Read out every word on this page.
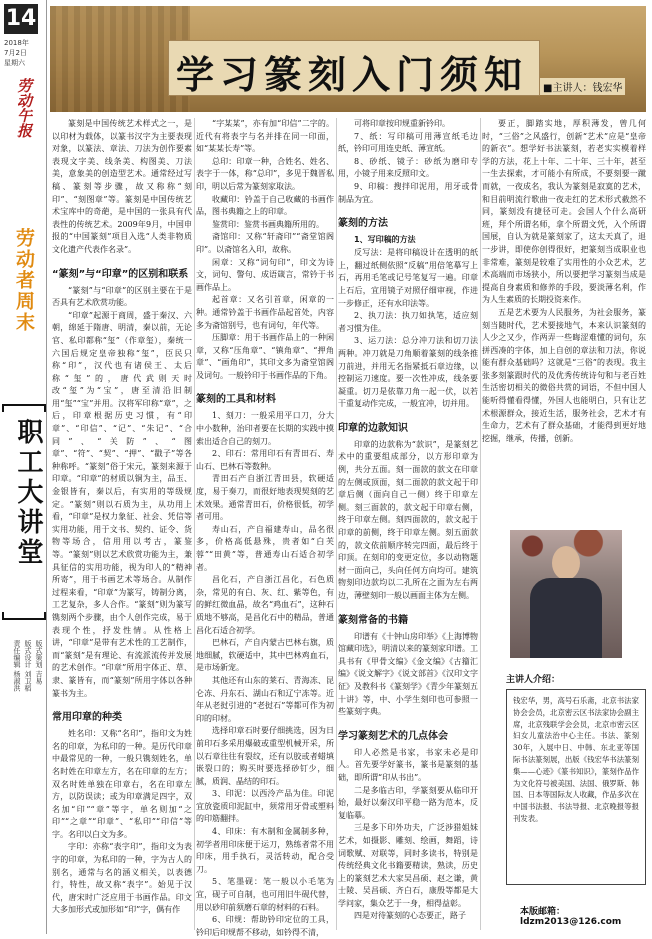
14
2018年
7月2日
星期六
劳动午报
劳动者周末
职工大讲堂
版式策划 吉易
版式设计 刘卫稻
责任编辑 杨淑洪
学习篆刻入门须知	■主讲人：钱宏华

篆刻是中国传统艺术样式之一，是以印材为载体，以篆书汉字为主要表现对象，以篆法、章法、刀法为创作要素表现文字美、线条美、构图美、刀法美，意象美的创造型艺术。通常经过写稿、篆刻等步骤，故又称称“刻印”、“刻图章”等。篆刻是中国传统艺术宝库中的奇葩，是中国的一张具有代表性的传统艺术。2009年9月，中国申报的“中国篆刻”项目入选“人类非物质文化遗产代表作名录”。

“篆刻”与“印章”的区别和联系

“篆刻”与“印章”的区别主要在于是否具有艺术欣赏功能。

“印章”起源于商周，盛于秦汉、六朝，绵延于隋唐、明清，秦以前，无论官、私印都称“玺”（作章玺），秦统一六国后规定皇帝独称“玺”，臣民只称“印”，汉代也有诸侯王、太后称“玺”的，唐代武则天时改“玺”为“宝”，唐至清沿旧制用“玺”“宝”并用。汉将军印称“章”，之后，印章根据历史习惯，有“印章”、“印信”、“记”、“朱记”、“合同”、“关防”、“图章”、“符”、“契”、“押”、“戳子”等各种称呼。“篆刻”俗于宋元，篆刻来源于印章。“印章”的材质以铜为主，品玉、金银皆有，秦以后，有实用的等级规定。“篆刻”则以石质为主，从功用上看，“印章”是权力象征、社会、凭信等实用功能，用于文书、契约、证令、货物等场合，信用用以考古，篆鉴等。“篆刻”则以艺术欣赏功能为主，兼具征信的实用功能，视为印人的“精神所寄”，用于书画艺术等场合。从制作过程来看，“印章”为篆写，铸制分离，工艺复杂，多人合作。“篆刻”则为篆写镌刻两个步骤，由个人创作完成，易于表现个性，抒发性情。从性格上讲，“印章”是带有艺术性的工艺制作，而“篆刻”是有理论、有流派流传并发展的艺术创作。“印章”所用字体正、草、隶、篆皆有，而“篆刻”所用字体以各种篆书为主。

常用印章的种类

姓名印：又称“名印”，指印文为姓名的印章，为私印的一种。是历代印章中最常见的一种，一般只镌刻姓名，单名时姓在印章左方，名在印章的左方；双名时姓单独在印章右，名在印章左方，以防误读；或为印章满足四字，双名加“印”“章”等字，单名则加“之印”“之章”“印章”、“私印”“印信”等字。名印以白文为多。

字印：亦称“表字印”，指印文为表字的印章，为私印的一种，字为古人的别名，通常与名的涵义相关，以表德行，特性，故又称“表字”。始见于汉代，唐宋时广泛应用于书画作品。印文大多加形式或加形如“印”字，偶有作

“字某某”，亦有加“印信”二字的。近代有将表字与名并排在同一印面，如“某某长寿”等。

总印：印章一种，合姓名、姓名、表字于一体，称“总印”，多见于魏晋私印，明以后常为篆刻家取法。

收藏印：钤盖于自己收藏的书画作品，图书典籍之上的印章。

鉴赏印：鉴赏书画典籍所用的。

斋馆印：又称“轩斋印”“斋堂馆阁印”。以斋馆名入印，故称。

闲章：又称“词句印”，印文为诗文，词句、警句、成语箴言，常钤于书画作品上。

起首章：又名引首章，闲章的一种。通常钤盖于书画作品起首处，内容多为斋馆别号，也有词句，年代等。

压脚章：用于书画作品上的一种闲章，又称“压角章”、“镇角章”、“押角章”、“画角印”，其印文多为斋堂馆阁及词句。一般钤印于书画作品的下角。

篆刻的工具和材料

1、刻刀：一般采用平口刀，分大中小数种，治印者要在长期的实践中摸索出适合自己的刻刀。

2、印石：常用印石有青田石、寿山石、巴林石等数种。

青田石产自浙江青田县，软硬适度，易于奏刀，而很好地表现契刻的艺术效果。通常青田石，价格很低，初学者可用。

寿山石，产自福建寿山，品名很多，价格高低悬殊，贵者如“白芙蓉”“田黄”等，普通寿山石适合初学者。

昌化石，产自浙江昌化，石色质杂，常见的有白、灰、红、紫等色，有的鲜红微血晶，故名“鸡血石”，这种石质地不够高，是昌化石中的精品，普通昌化石适合初学。

巴林石，产自内蒙古巴林右旗，质地细腻，软硬适中，其中巴林鸡血石，是市场新宠。

其他还有山东的莱石、青海冻、昆仑冻、丹东石、湖山石和辽宁冻等。近年从老挝引进的“老挝石”等都可作为初印的印材。

选择印章石时要仔细挑选，因为日前印石多采用爆破或重型机械开采，所以石章往往有裂纹，还有以胶或者蜡填嵌裂口的；购买时要选择砂钉少，细腻，质润、晶结的印石。

3、印泥：以西泠产品为佳。印泥宜放瓷质印泥缸中，须常用牙骨或塑料的印筋翻拌。

4、印床：有木制和金属制多种，初学者用印床便于运刀，熟练者常不用印床，用手执石，灵活转动，配合受刀。

5、笔墨砚：笔一般以小毛笔为宜，砚子可自制，也可用旧牛砚代替，用以砂印前须磨石章的材料的石料。

6、印规：帮助钤印定位的工具，钤印后印规帮不移动，如钤得不清，

可将印章按印规重新钤印。

7、纸：写印稿可用薄宣纸毛边纸，钤印可用连史纸、薄宣纸。

8、砂纸、镜子：砂纸为磨印专用，小镜子用来反照印文。

9、印稿：搜拌印泥用，用牙或骨制品为宜。

篆刻的方法
1、写印稿的方法

反写法：是将印稿设计在透明的纸上，翻过纸侧依照“反稿”用倍笔摹写上石，再用毛笔或记号笔复写一遍。印章上石后，宜用镜子对照仔细审视，作进一步修正，还有水印法等。

2、执刀法：执刀如执笔，适应刻者习惯为佳。

3、运刀法：总分冲刀法和切刀法两种。冲刀就是刀角顺着篆刻的线条推刀前进，并用无名指紧抵石章边缘，以控制运刀速度。要一次性冲成，线条要凝重。切刀是依靠刀角一起一伏，以若干重复动作完成，一般宜冲，切并用。

印章的边款知识

印章的边款称为“款识”，是篆刻艺术中的重要组成部分，以方形印章为例，共分五面。刻一面款的款文在印章的左侧或顶面，刻二面款的款文起于印章后侧（面向自己一侧）终于印章左侧。刻三面款的，款文起于印章右侧，终于印章左侧。刻四面款的，款文起于印章的前侧，终于印章左侧。刻五面款的，款文依前顺序转完四面，最后终于印顶。在刻印的变更定位，多以动物题材一面向己，头向任何方向均可。建筑物刻印边款均以二孔所在之面为左右两边，薄壁刻印一般以画面主体为左侧。

篆刻常备的书籍

印谱有《十钟山房印举》《上海博物馆藏印选》，明清以来的篆刻家印谱。工具书有《甲骨文编》《金文编》《古籀汇编》《说文解字》《说文部首》《汉印文字征》及教科书《篆刻学》《青少年篆刻五十讲》等，中、小学生刻印也可参照一些篆刻字典。

学习篆刻艺术的几点体会

印人必然是书家，书家未必是印人。首先要学好篆书，篆书是篆刻的基础，即所谓“印从书出”。

二是多临古印，学篆刻要从临印开始，最好以秦汉印平稳一路为范本，反复临摹。

三是多下印外功夫，广泛涉猎姐妹艺术，如摄影、雕刻、绘画，舞蹈，诗词歌赋、对联等，同时多读书，特别是传统经典文化书籍要精读，熟读，历史上的篆刻艺术大家吴昌硕、赵之谦，黄士陵、吴昌硕、齐白石，康殷等都是大学问家，集众艺于一身，相得益彰。

四是对待篆刻的心态要正，路子

要正，脚踏实地，厚积薄发，曾几何时，“三俗”之风盛行，创新“艺术”应是“皇帝的新衣”。想学好书法篆刻，若老实实模着样学的方法，花上十年、二十年、三十年，甚至一生去探索，才可能小有所成，不要刻要一蹴而就，一夜成名，我认为篆刻是寂寞的艺术，和目前明流行歌曲一夜走红的艺术形式截然不同，篆刻没有捷径可走。会国人个什么高研班，拜个所谓名师，拿个所谓文凭，入个所谓国展，自认为就是篆刻家了，这太天真了，退一步讲，即使你创得很好，把篆刻当成职业也非常难，篆刻是较难了实用性的小众艺术，艺术高端而市场狭小，所以要把学习篆刻当成是提高自身素质和修养的手段，要淡薄名利，作为人生素质的长期投资来作。

五是艺术要为人民服务，为社会服务，篆刻当随时代，艺术要接地气，本来认识篆刻的人少之又少，作两弄一些晦涩难懂的词句，东拼西凑的字体，加上自创的章法和刀法，你说能有群众基础吗？这就是“三俗”的表现。我主张多刻篆跟时代的及优秀传统诗句和与老百姓生活密切相关的微俗共赏的词语，不但中国人能听得懂看得懂，外国人也能明白，只有让艺术根源群众，接近生活，服务社会，艺术才有生命力，艺术有了群众基础，才能得到更好地挖掘，继承，传播，创新。

主讲人介绍：
钱宏华，男，高号石乐斋，北京书法家协会会员，北京密云区书法家协会副主席，北京残联学会会员，北京市密云区妇女儿童法治中心主任。书法、篆刻30年，入展中日、中韩、东北亚等国际书法篆刻展，出版《钱宏华书法篆刻集——心迹》《篆书知识》，篆刻作品作为文化符号被美国、法国、俄罗斯、韩国、日本等国际友人收藏，作品多次在中国书法报、书法导报、北京晚报等报刊发表。
本版邮箱：ldzm2013@126.com
